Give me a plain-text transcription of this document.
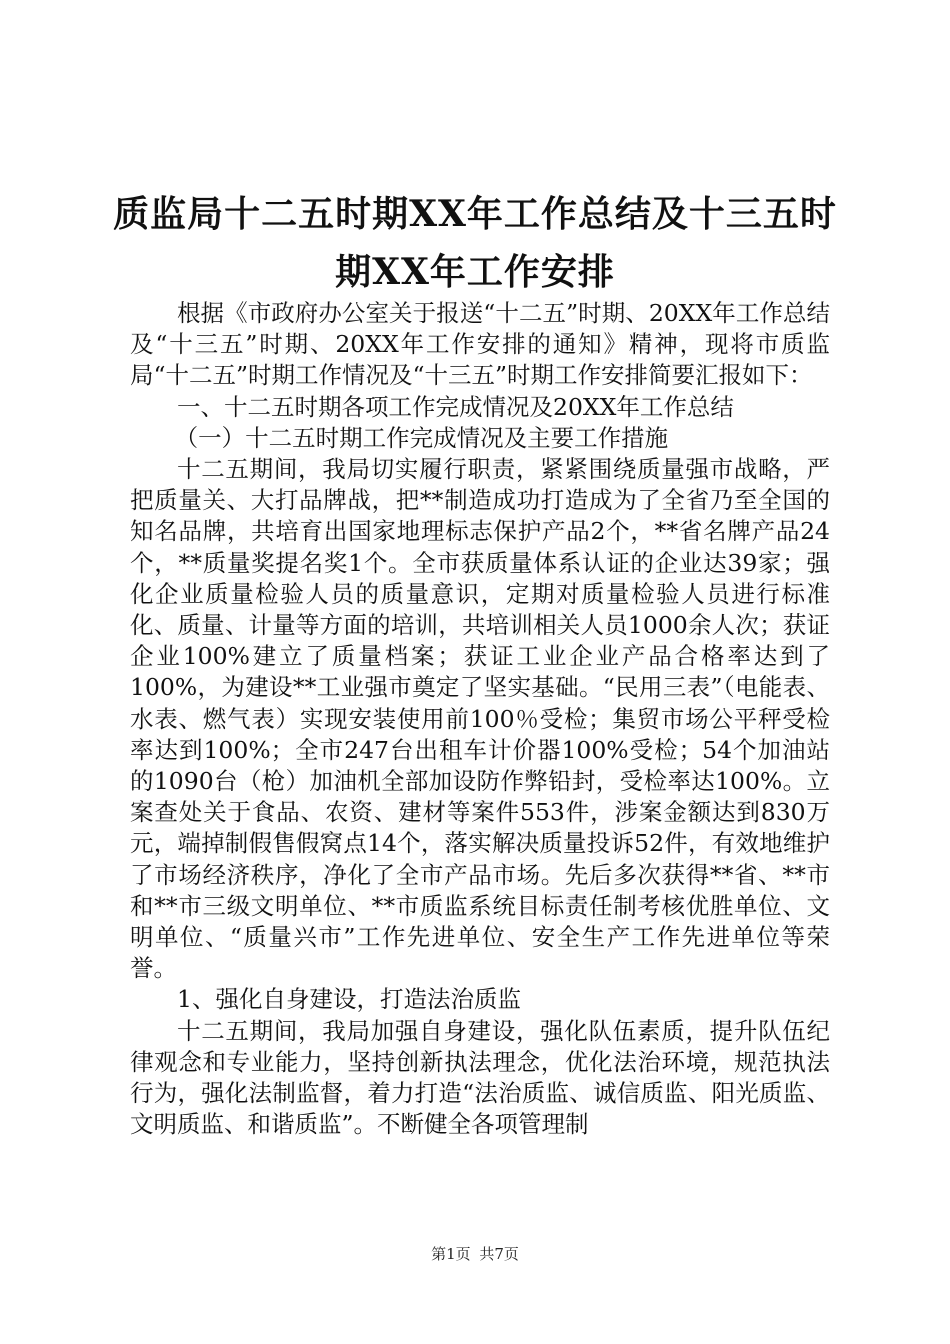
质监局十二五时期XX年工作总结及十三五时
期XX年工作安排

根据《市政府办公室关于报送“十二五”时期、20XX年工作总结及“十三五”时期、20XX年工作安排的通知》精神，现将市质监局“十二五”时期工作情况及“十三五”时期工作安排简要汇报如下：

一、十二五时期各项工作完成情况及20XX年工作总结

（一）十二五时期工作完成情况及主要工作措施

十二五期间，我局切实履行职责，紧紧围绕质量强市战略，严把质量关、大打品牌战，把**制造成功打造成为了全省乃至全国的知名品牌，共培育出国家地理标志保护产品2个，**省名牌产品24个，**质量奖提名奖1个。全市获质量体系认证的企业达39家；强化企业质量检验人员的质量意识，定期对质量检验人员进行标准化、质量、计量等方面的培训，共培训相关人员1000余人次；获证企业100%建立了质量档案；获证工业企业产品合格率达到了100%，为建设**工业强市奠定了坚实基础。“民用三表”（电能表、水表、燃气表）实现安装使用前100％受检；集贸市场公平秤受检率达到100%；全市247台出租车计价器100%受检；54个加油站的1090台（枪）加油机全部加设防作弊铅封，受检率达100%。立案查处关于食品、农资、建材等案件553件，涉案金额达到830万元，端掉制假售假窝点14个，落实解决质量投诉52件，有效地维护了市场经济秩序，净化了全市产品市场。先后多次获得**省、**市和**市三级文明单位、**市质监系统目标责任制考核优胜单位、文明单位、“质量兴市”工作先进单位、安全生产工作先进单位等荣誉。

1、强化自身建设，打造法治质监

十二五期间，我局加强自身建设，强化队伍素质，提升队伍纪律观念和专业能力，坚持创新执法理念，优化法治环境，规范执法行为，强化法制监督，着力打造“法治质监、诚信质监、阳光质监、文明质监、和谐质监”。不断健全各项管理制

第1页 共7页
